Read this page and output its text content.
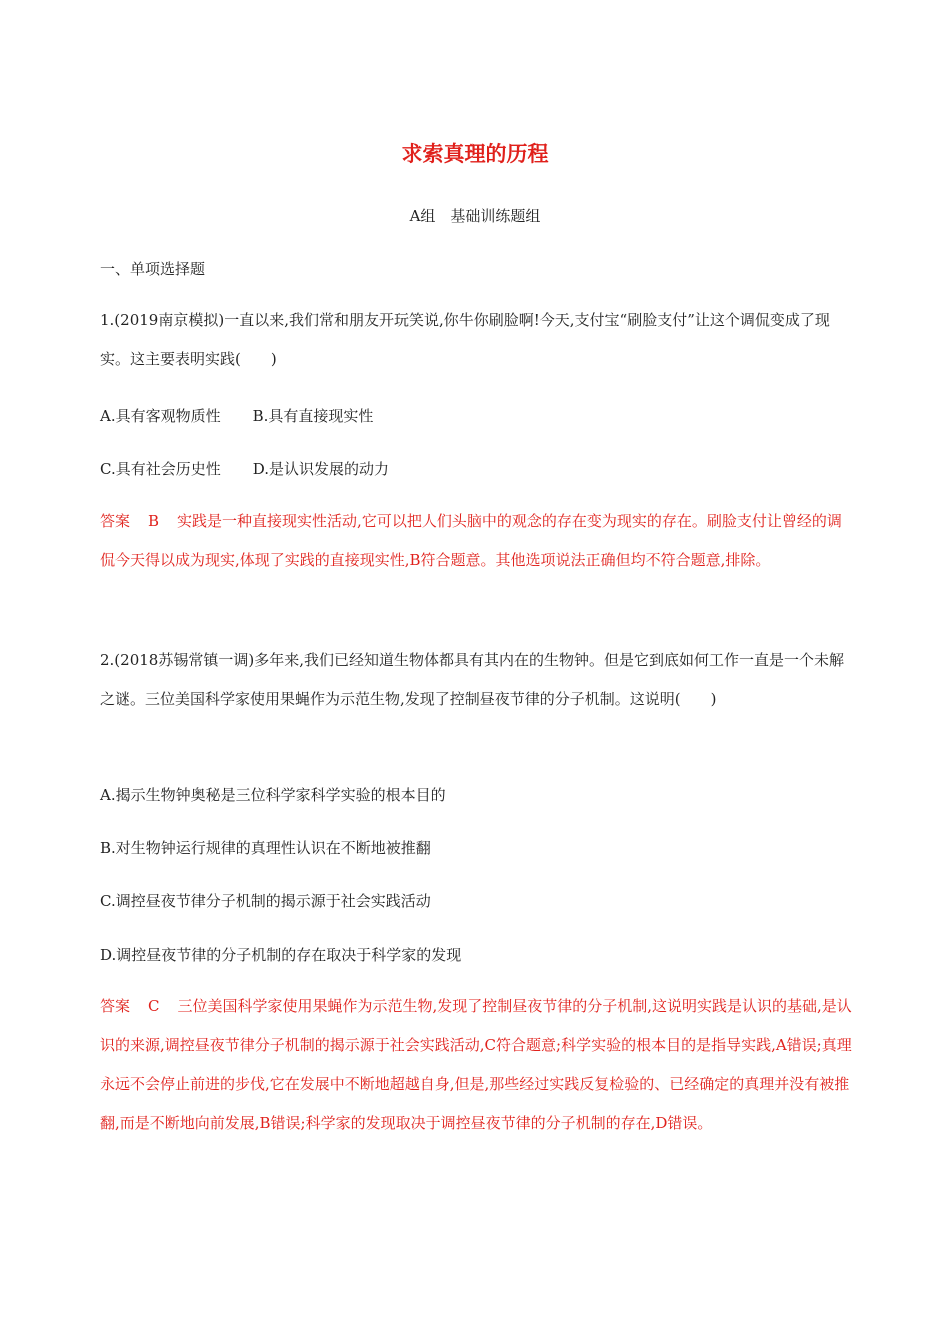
求索真理的历程
A组　基础训练题组
一、单项选择题

1.(2019南京模拟)一直以来,我们常和朋友开玩笑说,你牛你刷脸啊!今天,支付宝“刷脸支付”让这个调侃变成了现实。这主要表明实践(　　)

A.具有客观物质性 B.具有直接现实性
C.具有社会历史性 D.是认识发展的动力

答案 B 实践是一种直接现实性活动,它可以把人们头脑中的观念的存在变为现实的存在。刷脸支付让曾经的调侃今天得以成为现实,体现了实践的直接现实性,B符合题意。其他选项说法正确但均不符合题意,排除。

2.(2018苏锡常镇一调)多年来,我们已经知道生物体都具有其内在的生物钟。但是它到底如何工作一直是一个未解之谜。三位美国科学家使用果蝇作为示范生物,发现了控制昼夜节律的分子机制。这说明(　　)

A.揭示生物钟奥秘是三位科学家科学实验的根本目的
B.对生物钟运行规律的真理性认识在不断地被推翻
C.调控昼夜节律分子机制的揭示源于社会实践活动
D.调控昼夜节律的分子机制的存在取决于科学家的发现

答案 C 三位美国科学家使用果蝇作为示范生物,发现了控制昼夜节律的分子机制,这说明实践是认识的基础,是认识的来源,调控昼夜节律分子机制的揭示源于社会实践活动,C符合题意;科学实验的根本目的是指导实践,A错误;真理永远不会停止前进的步伐,它在发展中不断地超越自身,但是,那些经过实践反复检验的、已经确定的真理并没有被推翻,而是不断地向前发展,B错误;科学家的发现取决于调控昼夜节律的分子机制的存在,D错误。
